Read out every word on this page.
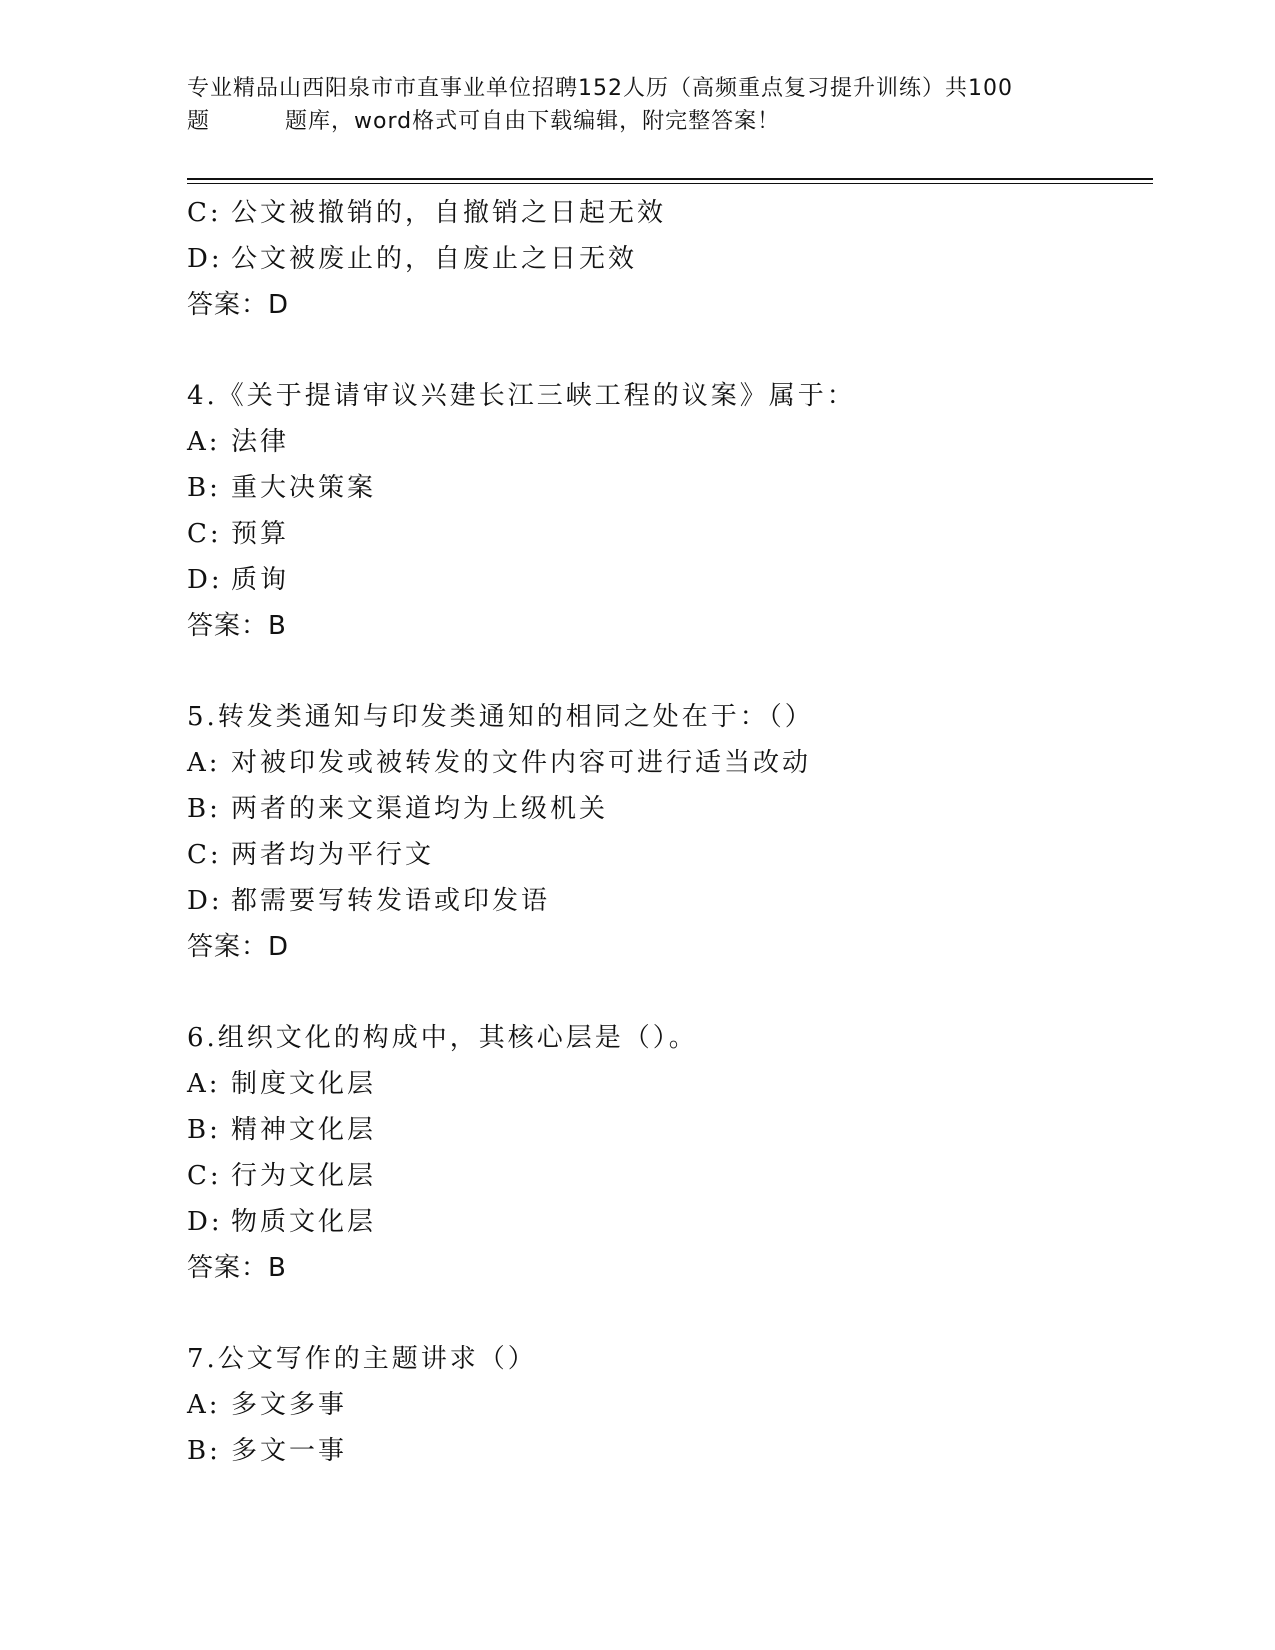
专业精品山西阳泉市市直事业单位招聘152人历（高频重点复习提升训练）共100
题	题库，word格式可自由下载编辑，附完整答案！
C: 公文被撤销的，自撤销之日起无效
D: 公文被废止的，自废止之日无效
答案：D
4.《关于提请审议兴建长江三峡工程的议案》属于：
A: 法律
B: 重大决策案
C: 预算
D: 质询
答案：B
5.转发类通知与印发类通知的相同之处在于：（）
A: 对被印发或被转发的文件内容可进行适当改动
B: 两者的来文渠道均为上级机关
C: 两者均为平行文
D: 都需要写转发语或印发语
答案：D
6.组织文化的构成中，其核心层是（）。
A: 制度文化层
B: 精神文化层
C: 行为文化层
D: 物质文化层
答案：B
7.公文写作的主题讲求（）
A: 多文多事
B: 多文一事
